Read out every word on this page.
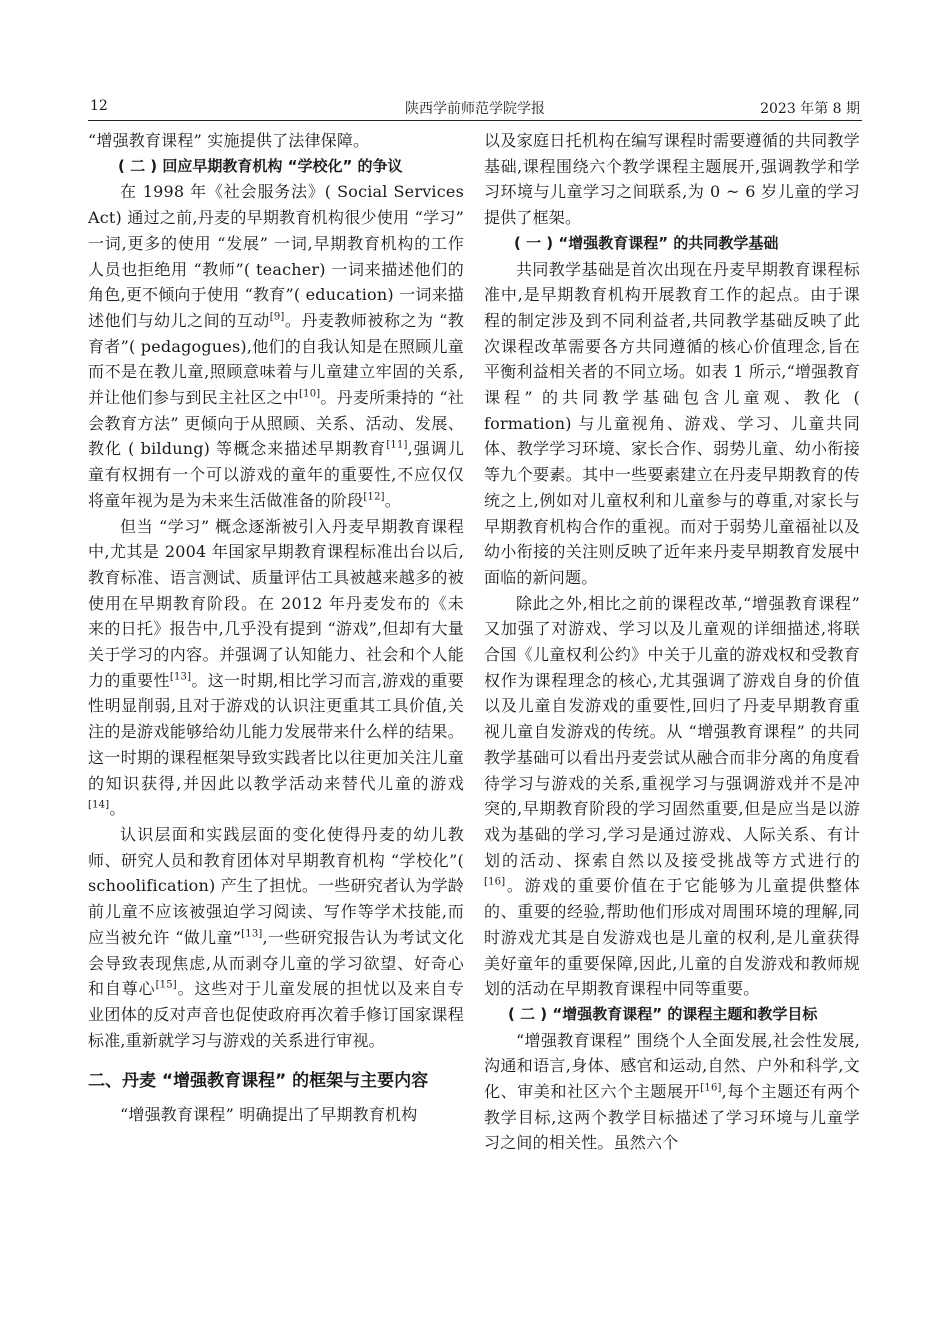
12	陕西学前师范学院学报	2023 年第 8 期

“增强教育课程” 实施提供了法律保障。

( 二 ) 回应早期教育机构 “学校化” 的争议

在 1998 年《社会服务法》( Social Services Act) 通过之前,丹麦的早期教育机构很少使用 “学习” 一词,更多的使用 “发展” 一词,早期教育机构的工作人员也拒绝用 “教师”( teacher) 一词来描述他们的角色,更不倾向于使用 “教育”( education) 一词来描述他们与幼儿之间的互动[9]。丹麦教师被称之为 “教育者”( pedagogues),他们的自我认知是在照顾儿童而不是在教儿童,照顾意味着与儿童建立牢固的关系,并让他们参与到民主社区之中[10]。丹麦所秉持的 “社会教育方法” 更倾向于从照顾、关系、活动、发展、教化 ( bildung) 等概念来描述早期教育[11],强调儿童有权拥有一个可以游戏的童年的重要性,不应仅仅将童年视为是为未来生活做准备的阶段[12]。

但当 “学习” 概念逐渐被引入丹麦早期教育课程中,尤其是 2004 年国家早期教育课程标准出台以后,教育标准、语言测试、质量评估工具被越来越多的被使用在早期教育阶段。在 2012 年丹麦发布的《未来的日托》报告中,几乎没有提到 “游戏”,但却有大量关于学习的内容。并强调了认知能力、社会和个人能力的重要性[13]。这一时期,相比学习而言,游戏的重要性明显削弱,且对于游戏的认识注更重其工具价值,关注的是游戏能够给幼儿能力发展带来什么样的结果。这一时期的课程框架导致实践者比以往更加关注儿童的知识获得,并因此以教学活动来替代儿童的游戏[14]。

认识层面和实践层面的变化使得丹麦的幼儿教师、研究人员和教育团体对早期教育机构 “学校化”( schoolification) 产生了担忧。一些研究者认为学龄前儿童不应该被强迫学习阅读、写作等学术技能,而应当被允许 “做儿童”[13],一些研究报告认为考试文化会导致表现焦虑,从而剥夺儿童的学习欲望、好奇心和自尊心[15]。这些对于儿童发展的担忧以及来自专业团体的反对声音也促使政府再次着手修订国家课程标准,重新就学习与游戏的关系进行审视。

二、丹麦 “增强教育课程” 的框架与主要内容

“增强教育课程” 明确提出了早期教育机构

以及家庭日托机构在编写课程时需要遵循的共同教学基础,课程围绕六个教学课程主题展开,强调教学和学习环境与儿童学习之间联系,为 0 ~ 6 岁儿童的学习提供了框架。

( 一 ) “增强教育课程” 的共同教学基础

共同教学基础是首次出现在丹麦早期教育课程标准中,是早期教育机构开展教育工作的起点。由于课程的制定涉及到不同利益者,共同教学基础反映了此次课程改革需要各方共同遵循的核心价值理念,旨在平衡利益相关者的不同立场。如表 1 所示,“增强教育课程” 的共同教学基础包含儿童观、教化 ( formation) 与儿童视角、游戏、学习、儿童共同体、教学学习环境、家长合作、弱势儿童、幼小衔接等九个要素。其中一些要素建立在丹麦早期教育的传统之上,例如对儿童权利和儿童参与的尊重,对家长与早期教育机构合作的重视。而对于弱势儿童福祉以及幼小衔接的关注则反映了近年来丹麦早期教育发展中面临的新问题。

除此之外,相比之前的课程改革,“增强教育课程” 又加强了对游戏、学习以及儿童观的详细描述,将联合国《儿童权利公约》中关于儿童的游戏权和受教育权作为课程理念的核心,尤其强调了游戏自身的价值以及儿童自发游戏的重要性,回归了丹麦早期教育重视儿童自发游戏的传统。从 “增强教育课程” 的共同教学基础可以看出丹麦尝试从融合而非分离的角度看待学习与游戏的关系,重视学习与强调游戏并不是冲突的,早期教育阶段的学习固然重要,但是应当是以游戏为基础的学习,学习是通过游戏、人际关系、有计划的活动、探索自然以及接受挑战等方式进行的[16]。游戏的重要价值在于它能够为儿童提供整体的、重要的经验,帮助他们形成对周围环境的理解,同时游戏尤其是自发游戏也是儿童的权利,是儿童获得美好童年的重要保障,因此,儿童的自发游戏和教师规划的活动在早期教育课程中同等重要。

( 二 ) “增强教育课程” 的课程主题和教学目标

“增强教育课程” 围绕个人全面发展,社会性发展,沟通和语言,身体、感官和运动,自然、户外和科学,文化、审美和社区六个主题展开[16],每个主题还有两个教学目标,这两个教学目标描述了学习环境与儿童学习之间的相关性。虽然六个
